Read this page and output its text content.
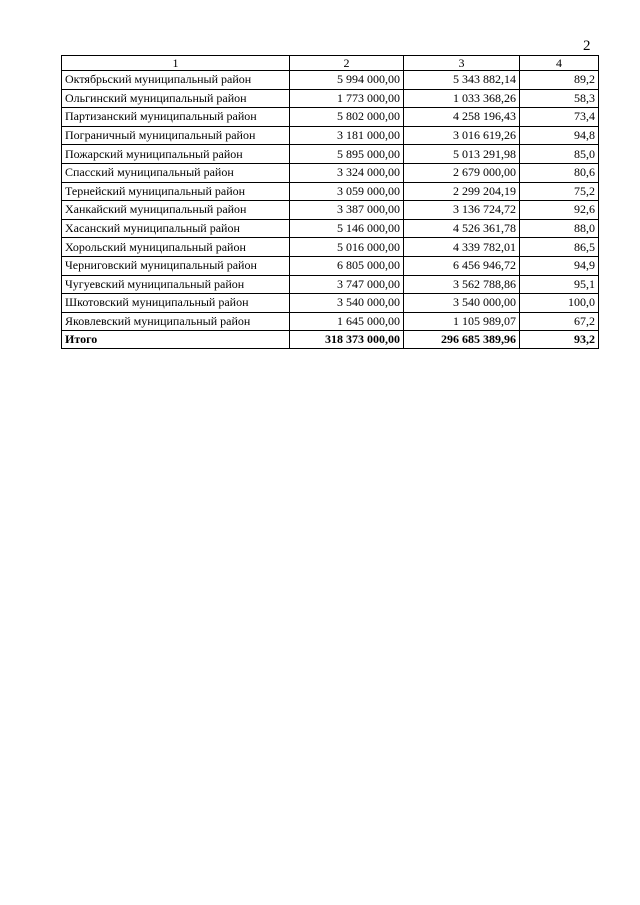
2
1	2	3	4
Октябрьский муниципальный район	5 994 000,00	5 343 882,14	89,2
Ольгинский муниципальный район	1 773 000,00	1 033 368,26	58,3
Партизанский муниципальный район	5 802 000,00	4 258 196,43	73,4
Пограничный муниципальный район	3 181 000,00	3 016 619,26	94,8
Пожарский муниципальный район	5 895 000,00	5 013 291,98	85,0
Спасский муниципальный район	3 324 000,00	2 679 000,00	80,6
Тернейский муниципальный район	3 059 000,00	2 299 204,19	75,2
Ханкайский муниципальный район	3 387 000,00	3 136 724,72	92,6
Хасанский муниципальный район	5 146 000,00	4 526 361,78	88,0
Хорольский муниципальный район	5 016 000,00	4 339 782,01	86,5
Черниговский муниципальный район	6 805 000,00	6 456 946,72	94,9
Чугуевский муниципальный район	3 747 000,00	3 562 788,86	95,1
Шкотовский муниципальный район	3 540 000,00	3 540 000,00	100,0
Яковлевский муниципальный район	1 645 000,00	1 105 989,07	67,2
Итого	318 373 000,00	296 685 389,96	93,2
